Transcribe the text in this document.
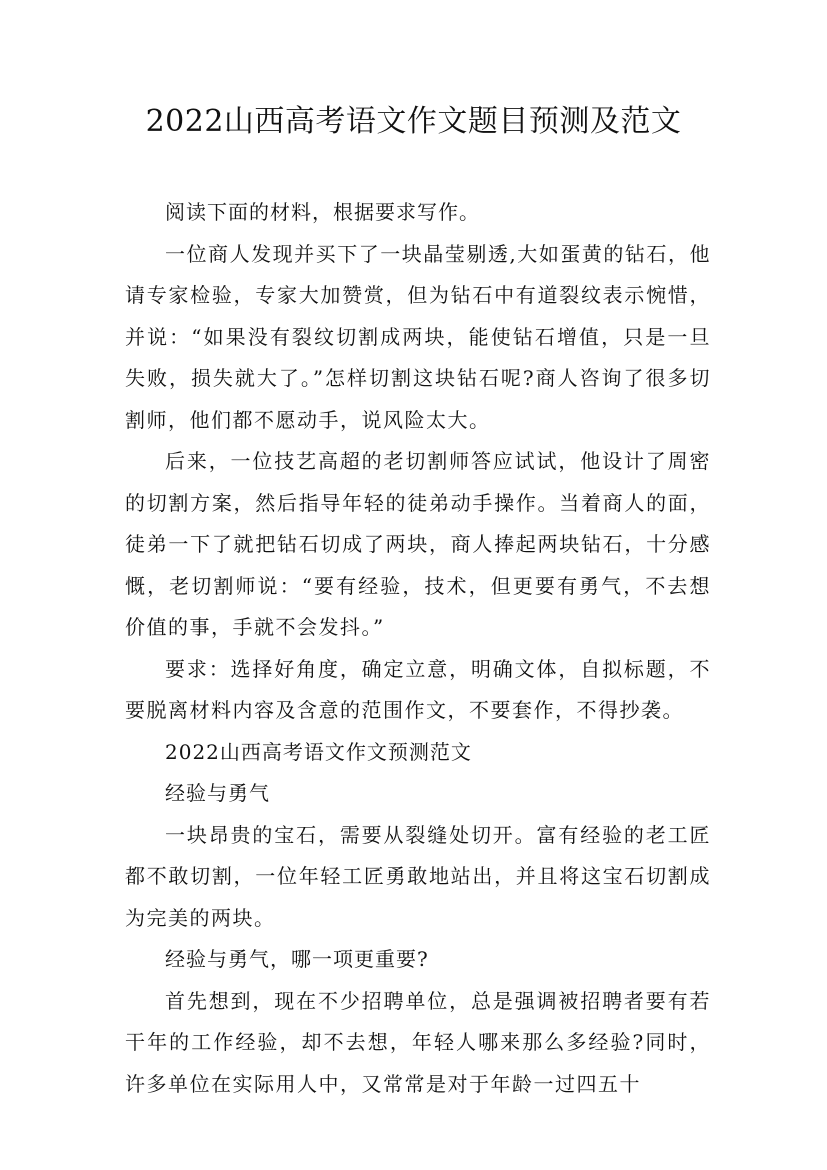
2022山西高考语文作文题目预测及范文

阅读下面的材料，根据要求写作。

一位商人发现并买下了一块晶莹剔透,大如蛋黄的钻石，他请专家检验，专家大加赞赏，但为钻石中有道裂纹表示惋惜，并说：“如果没有裂纹切割成两块，能使钻石增值，只是一旦失败，损失就大了。”怎样切割这块钻石呢?商人咨询了很多切割师，他们都不愿动手，说风险太大。

后来，一位技艺高超的老切割师答应试试，他设计了周密的切割方案，然后指导年轻的徒弟动手操作。当着商人的面，徒弟一下了就把钻石切成了两块，商人捧起两块钻石，十分感慨，老切割师说：“要有经验，技术，但更要有勇气，不去想价值的事，手就不会发抖。”

要求：选择好角度，确定立意，明确文体，自拟标题，不要脱离材料内容及含意的范围作文，不要套作，不得抄袭。

2022山西高考语文作文预测范文

经验与勇气

一块昂贵的宝石，需要从裂缝处切开。富有经验的老工匠都不敢切割，一位年轻工匠勇敢地站出，并且将这宝石切割成为完美的两块。

经验与勇气，哪一项更重要?

首先想到，现在不少招聘单位，总是强调被招聘者要有若干年的工作经验，却不去想，年轻人哪来那么多经验?同时，许多单位在实际用人中，又常常是对于年龄一过四五十
